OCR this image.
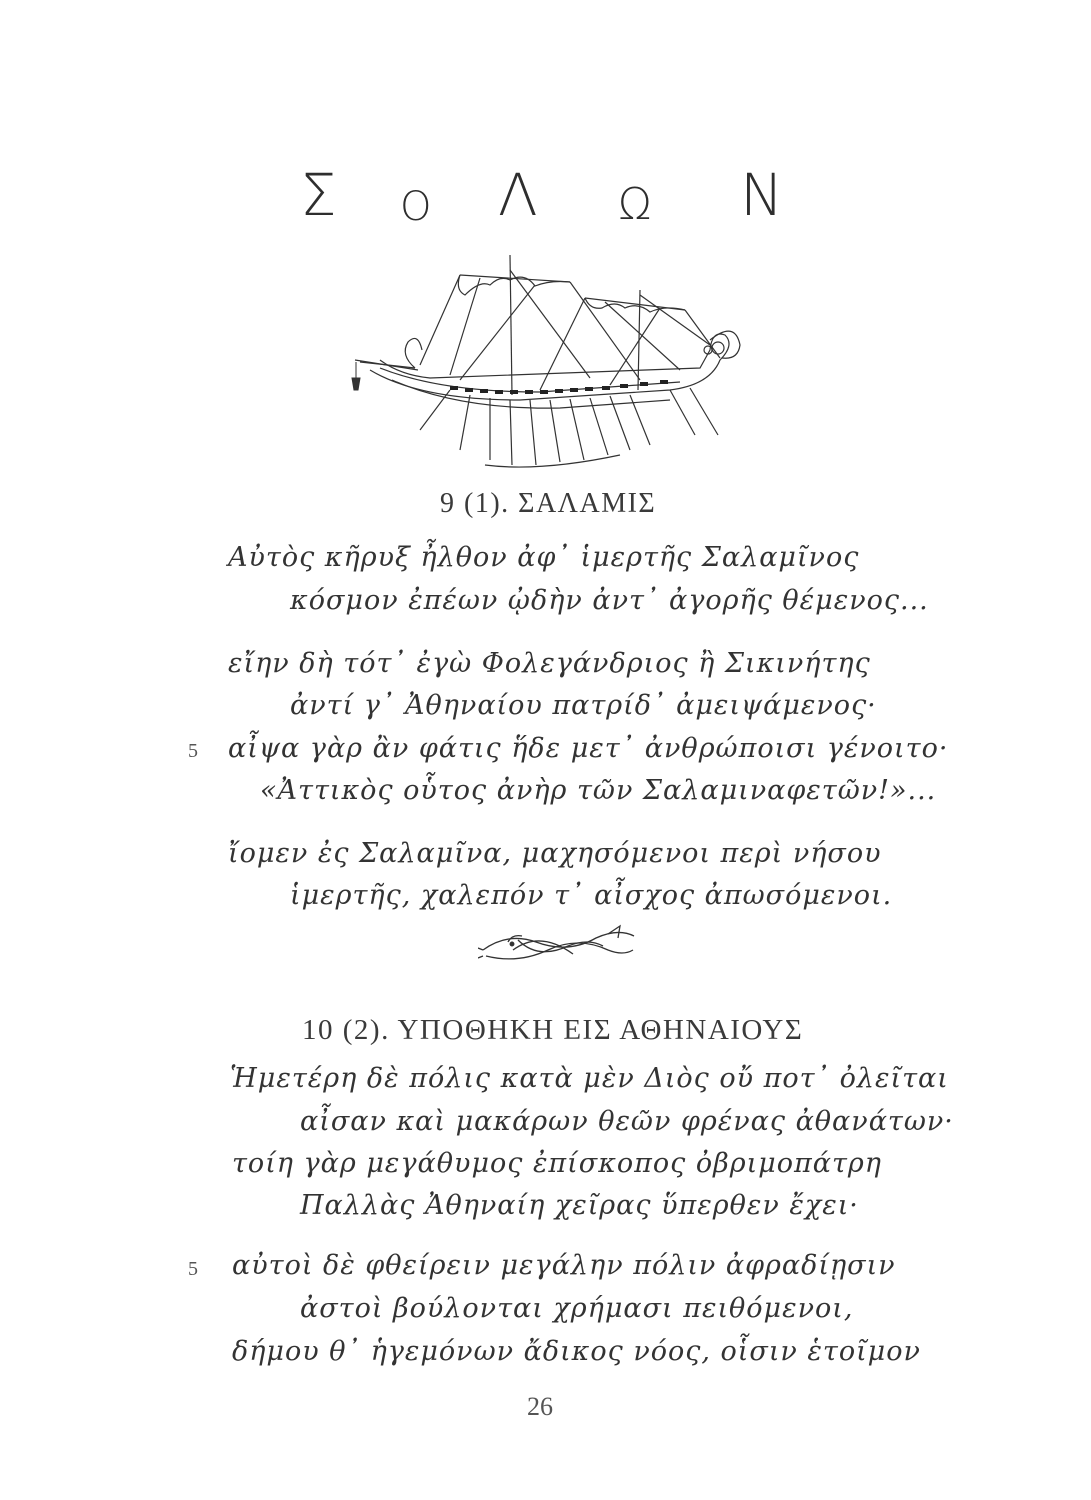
Σ Ο Λ Ω Ν
9 (1). ΣΑΛΑΜΙΣ
Αὐτὸς κῆρυξ ἦλθον ἀφ᾽ ἱμερτῆς Σαλαμῖνος
κόσμον ἐπέων ᾠδὴν ἀντ᾽ ἀγορῆς θέμενος...
εἴην δὴ τότ᾽ ἐγὼ Φολεγάνδριος ἢ Σικινήτης
ἀντί γ᾽ Ἀθηναίου πατρίδ᾽ ἀμειψάμενος·
5 αἶψα γὰρ ἂν φάτις ἥδε μετ᾽ ἀνθρώποισι γένοιτο·
«Ἀττικὸς οὗτος ἀνὴρ τῶν Σαλαμιναφετῶν!»...
ἴομεν ἐς Σαλαμῖνα, μαχησόμενοι περὶ νήσου
ἱμερτῆς, χαλεπόν τ᾽ αἶσχος ἀπωσόμενοι.
10 (2). ΥΠΟΘΗΚΗ ΕΙΣ ΑΘΗΝΑΙΟΥΣ
Ἡμετέρη δὲ πόλις κατὰ μὲν Διὸς οὔ ποτ᾽ ὀλεῖται
αἶσαν καὶ μακάρων θεῶν φρένας ἀθανάτων·
τοίη γὰρ μεγάθυμος ἐπίσκοπος ὀβριμοπάτρη
Παλλὰς Ἀθηναίη χεῖρας ὕπερθεν ἔχει·
5 αὐτοὶ δὲ φθείρειν μεγάλην πόλιν ἀφραδίῃσιν
ἀστοὶ βούλονται χρήμασι πειθόμενοι,
δήμου θ᾽ ἡγεμόνων ἄδικος νόος, οἷσιν ἑτοῖμον
26
